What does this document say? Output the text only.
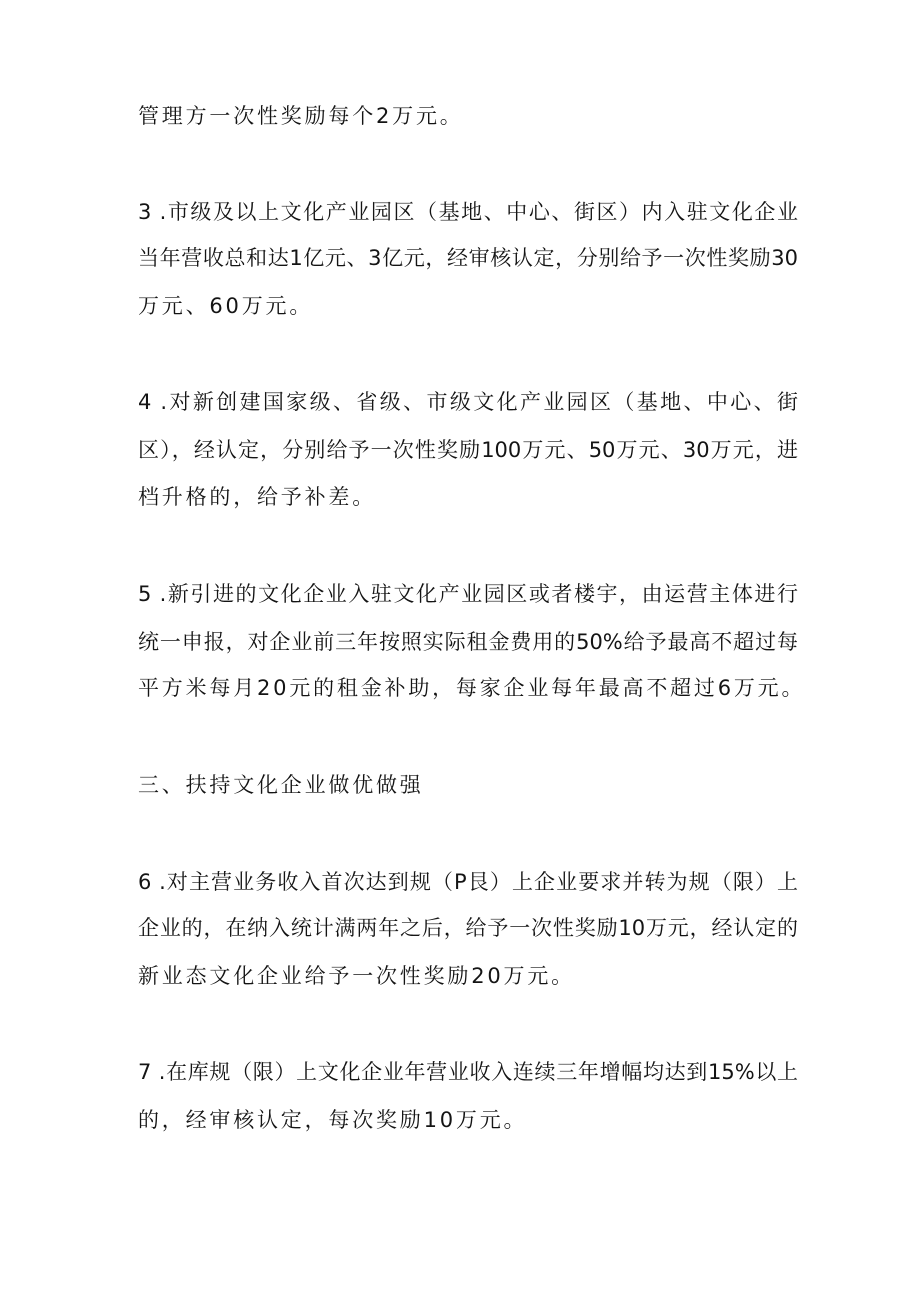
管理方一次性奖励每个2万元。
3 .市级及以上文化产业园区（基地、中心、街区）内入驻文化企业
当年营收总和达1亿元、3亿元，经审核认定，分别给予一次性奖励30
万元、60万元。
4 .对新创建国家级、省级、市级文化产业园区（基地、中心、街
区），经认定，分别给予一次性奖励100万元、50万元、30万元，进
档升格的，给予补差。
5 .新引进的文化企业入驻文化产业园区或者楼宇，由运营主体进行
统一申报，对企业前三年按照实际租金费用的50%给予最高不超过每
平方米每月20元的租金补助，每家企业每年最高不超过6万元。
三、扶持文化企业做优做强
6 .对主营业务收入首次达到规（P艮）上企业要求并转为规（限）上
企业的，在纳入统计满两年之后，给予一次性奖励10万元，经认定的
新业态文化企业给予一次性奖励20万元。
7 .在库规（限）上文化企业年营业收入连续三年增幅均达到15%以上
的，经审核认定，每次奖励10万元。
